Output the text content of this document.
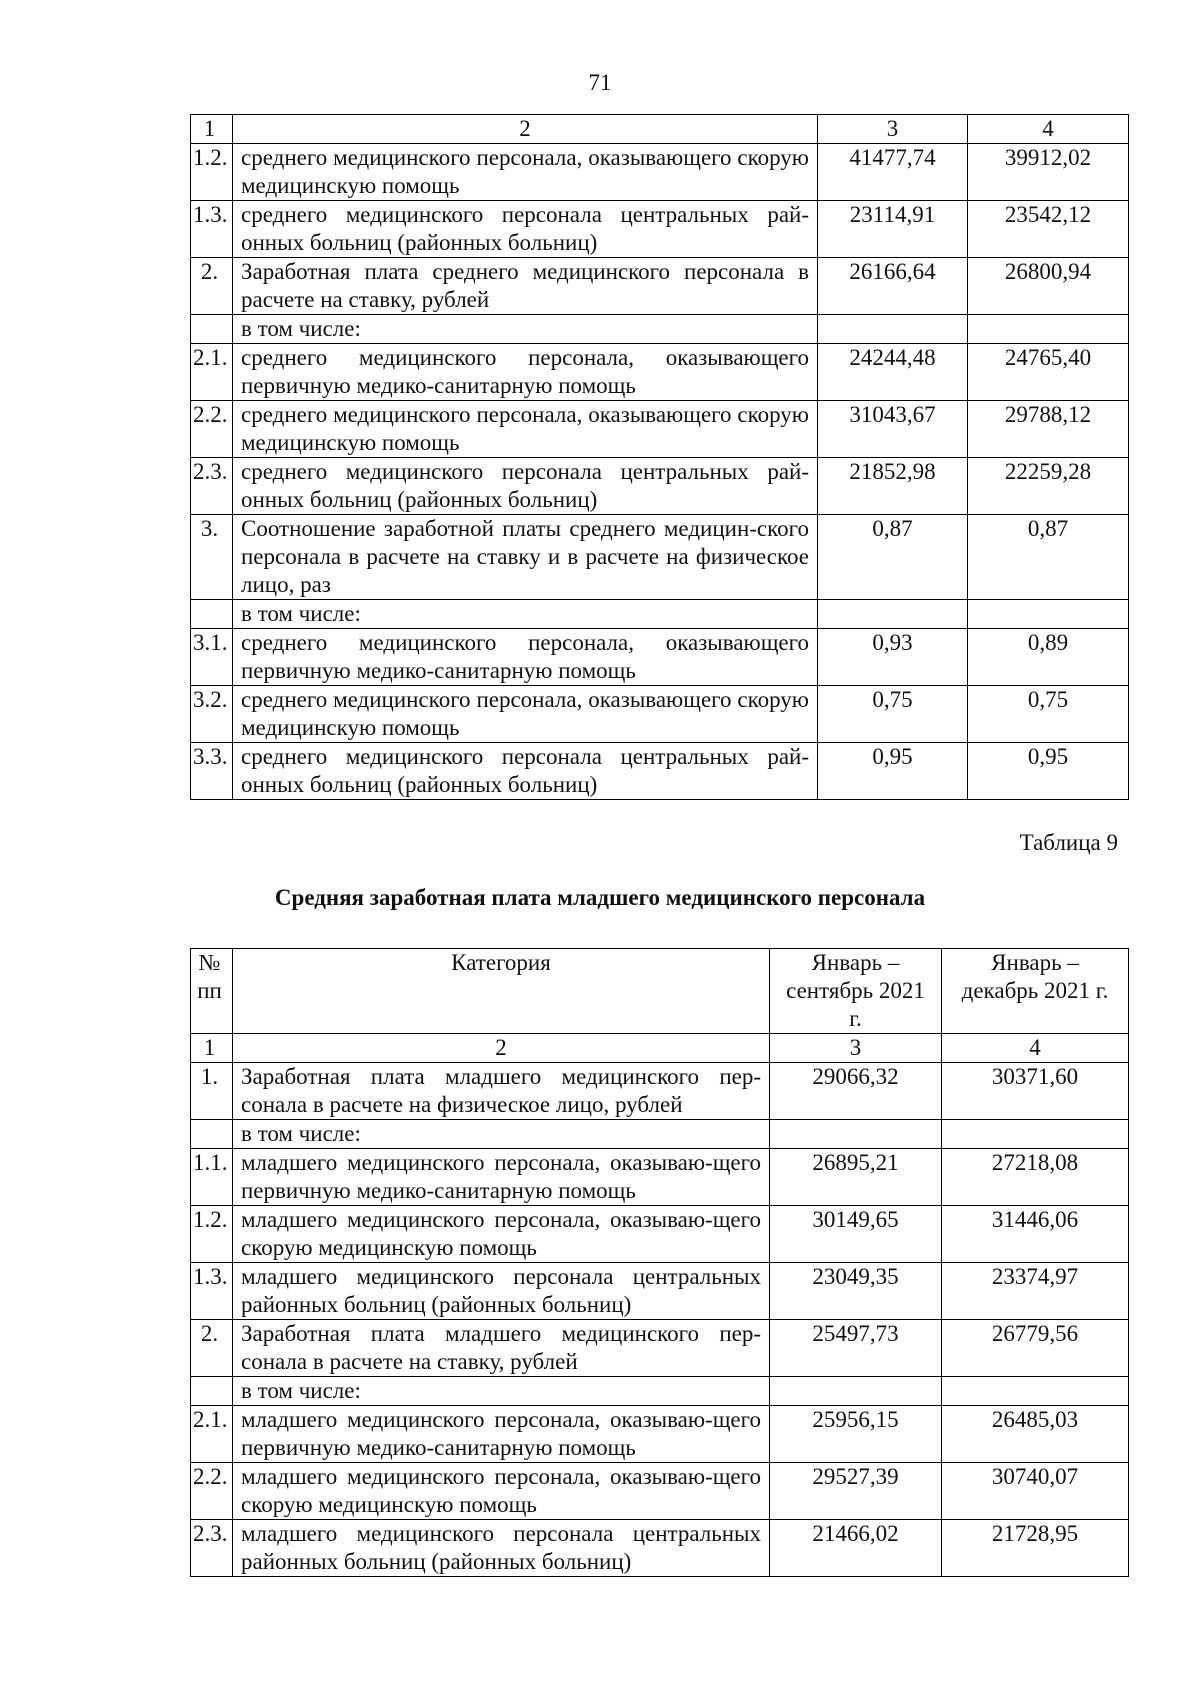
71
1	2	3	4
1.2.	среднего медицинского персонала, оказывающего скорую медицинскую помощь	41477,74	39912,02
1.3.	среднего медицинского персонала центральных рай-онных больниц (районных больниц)	23114,91	23542,12
2.	Заработная плата среднего медицинского персонала в расчете на ставку, рублей	26166,64	26800,94
	в том числе:		
2.1.	среднего медицинского персонала, оказывающего первичную медико-санитарную помощь	24244,48	24765,40
2.2.	среднего медицинского персонала, оказывающего скорую медицинскую помощь	31043,67	29788,12
2.3.	среднего медицинского персонала центральных рай-онных больниц (районных больниц)	21852,98	22259,28
3.	Соотношение заработной платы среднего медицин-ского персонала в расчете на ставку и в расчете на физическое лицо, раз	0,87	0,87
	в том числе:		
3.1.	среднего медицинского персонала, оказывающего первичную медико-санитарную помощь	0,93	0,89
3.2.	среднего медицинского персонала, оказывающего скорую медицинскую помощь	0,75	0,75
3.3.	среднего медицинского персонала центральных рай-онных больниц (районных больниц)	0,95	0,95
Таблица 9
Средняя заработная плата младшего медицинского персонала
№ пп	Категория	Январь – сентябрь 2021 г.	Январь – декабрь 2021 г.
1	2	3	4
1.	Заработная плата младшего медицинского пер-сонала в расчете на физическое лицо, рублей	29066,32	30371,60
	в том числе:		
1.1.	младшего медицинского персонала, оказываю-щего первичную медико-санитарную помощь	26895,21	27218,08
1.2.	младшего медицинского персонала, оказываю-щего скорую медицинскую помощь	30149,65	31446,06
1.3.	младшего медицинского персонала центральных районных больниц (районных больниц)	23049,35	23374,97
2.	Заработная плата младшего медицинского пер-сонала в расчете на ставку, рублей	25497,73	26779,56
	в том числе:		
2.1.	младшего медицинского персонала, оказываю-щего первичную медико-санитарную помощь	25956,15	26485,03
2.2.	младшего медицинского персонала, оказываю-щего скорую медицинскую помощь	29527,39	30740,07
2.3.	младшего медицинского персонала центральных районных больниц (районных больниц)	21466,02	21728,95
